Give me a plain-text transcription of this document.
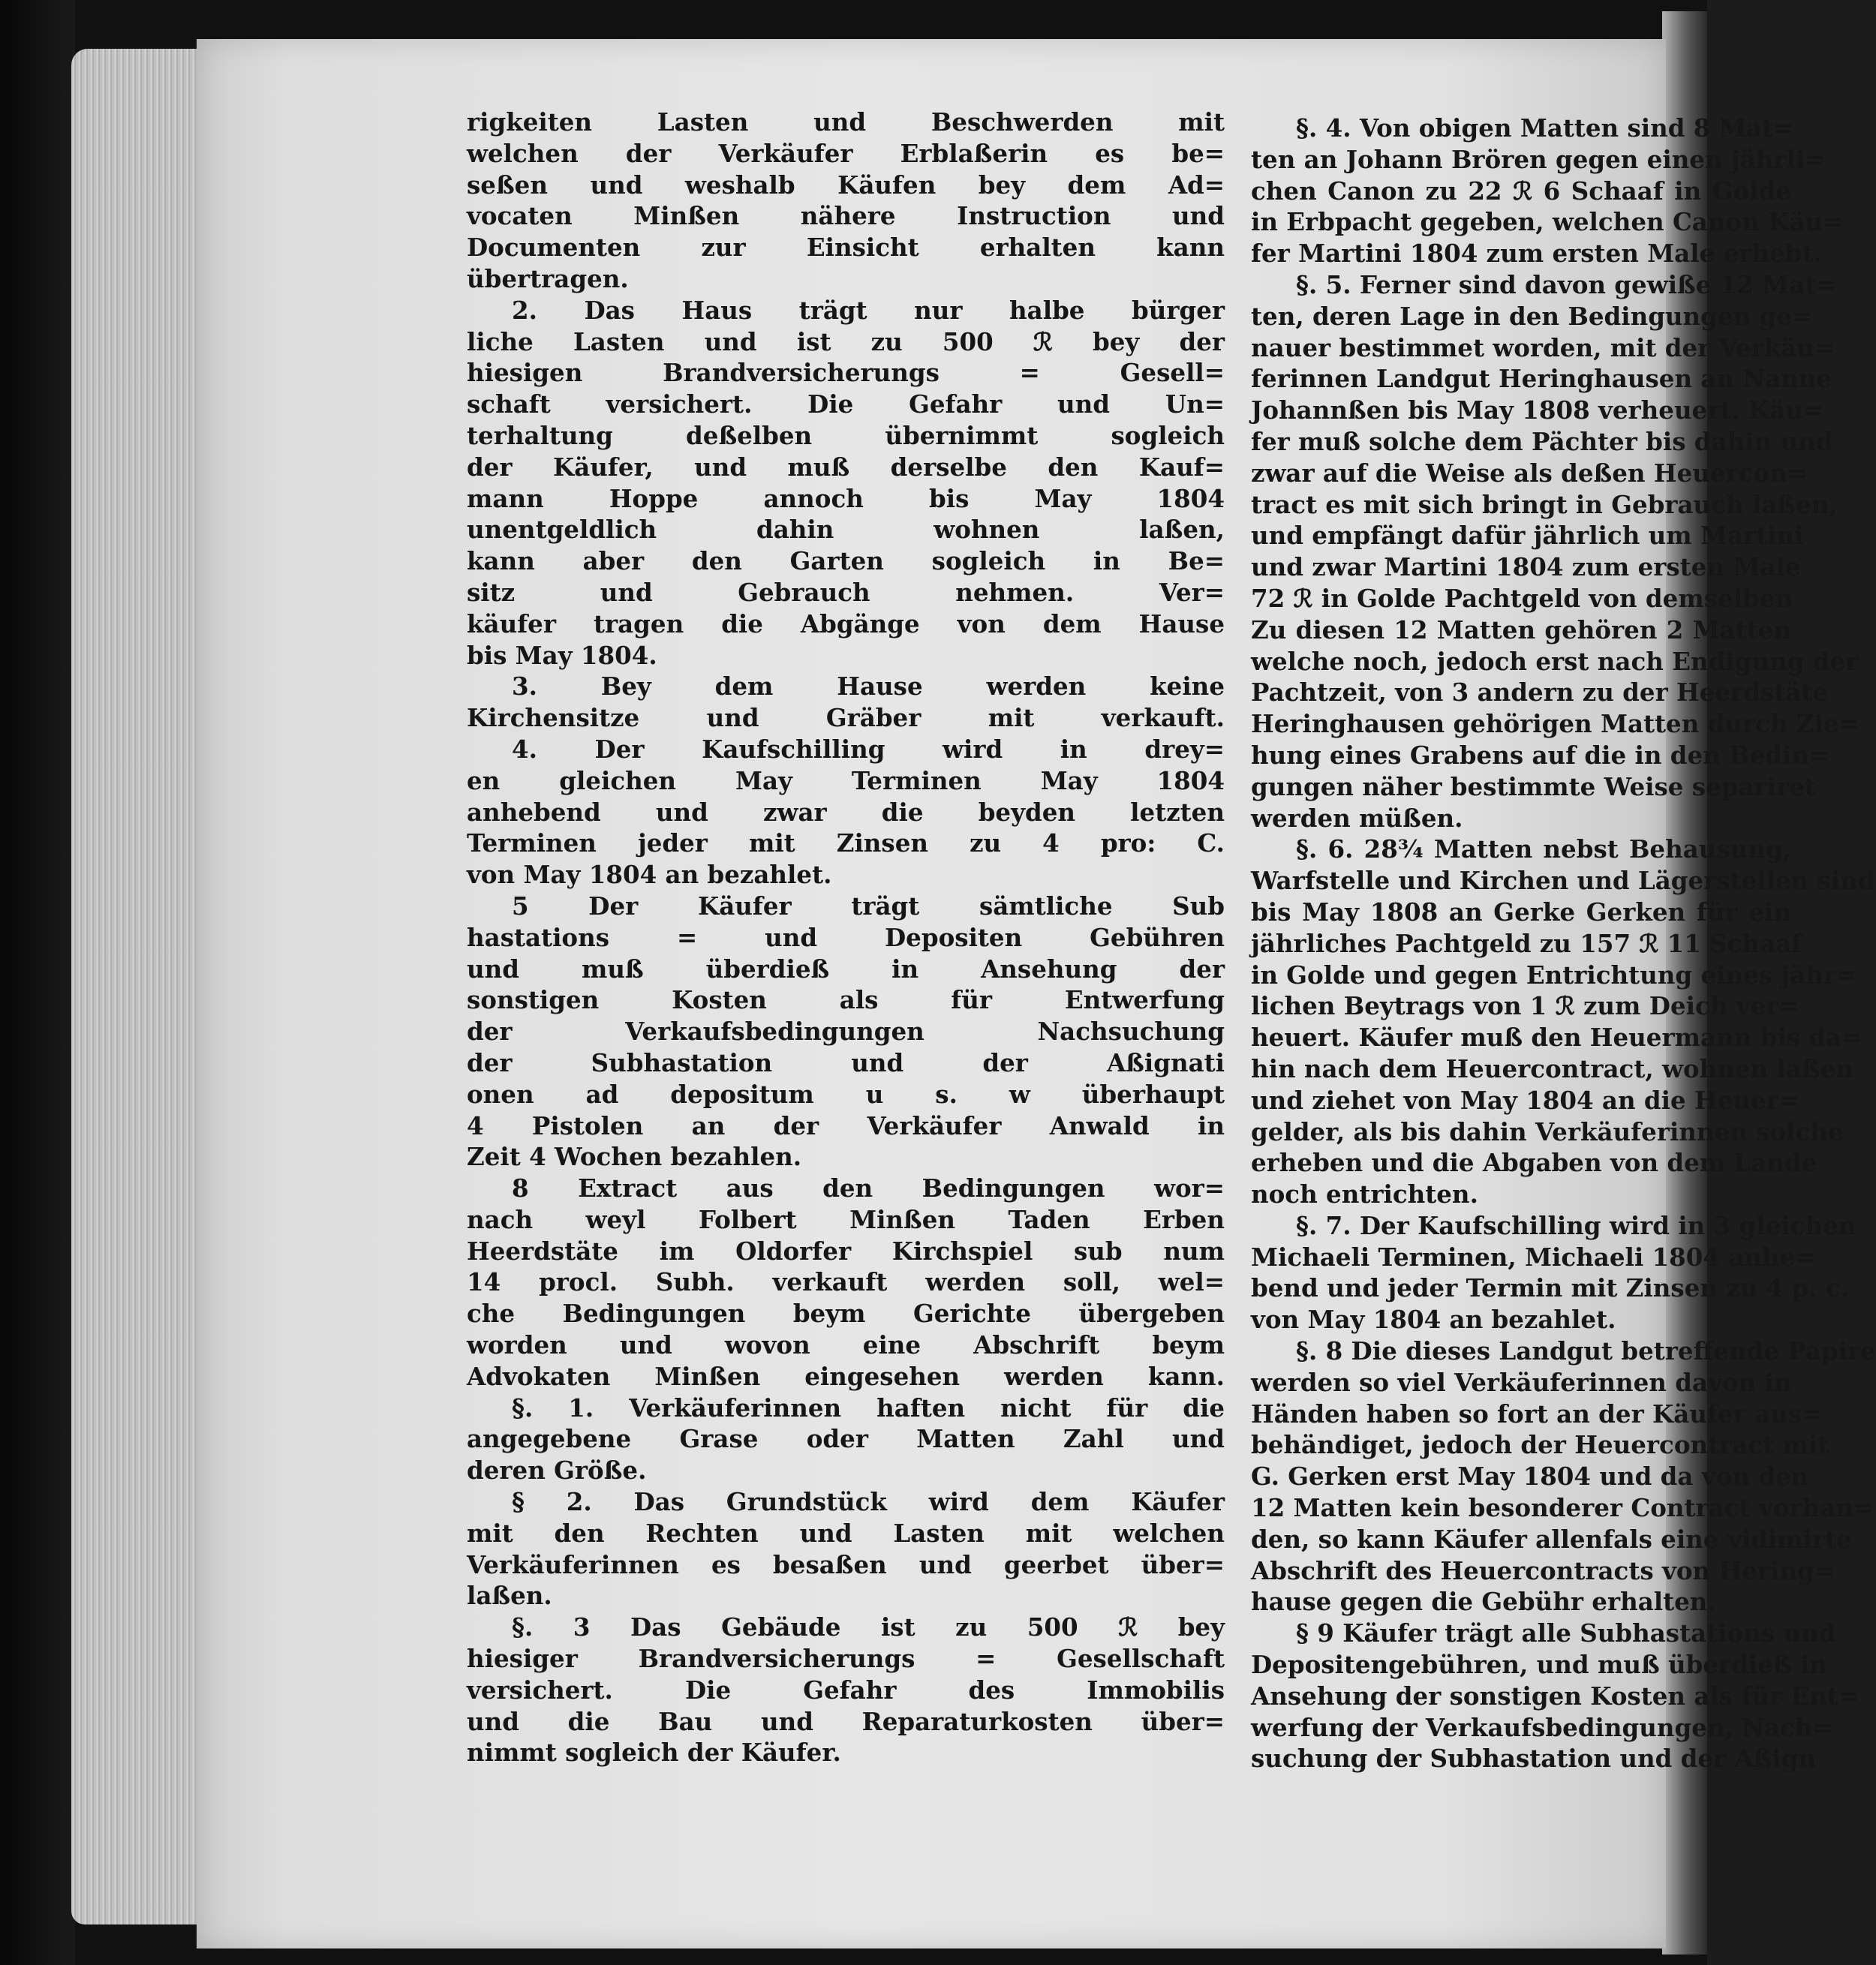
rigkeiten Lasten und Beschwerden mit
welchen der Verkäufer Erblaßerin es be=
seßen und weshalb Käufen bey dem Ad=
vocaten Minßen nähere Instruction und
Documenten zur Einsicht erhalten kann
übertragen.
2. Das Haus trägt nur halbe bürger
liche Lasten und ist zu 500 ℛ bey der
hiesigen Brandversicherungs = Gesell=
schaft versichert. Die Gefahr und Un=
terhaltung deßelben übernimmt sogleich
der Käufer, und muß derselbe den Kauf=
mann Hoppe annoch bis May 1804
unentgeldlich dahin wohnen laßen,
kann aber den Garten sogleich in Be=
sitz und Gebrauch nehmen. Ver=
käufer tragen die Abgänge von dem Hause
bis May 1804.
3. Bey dem Hause werden keine
Kirchensitze und Gräber mit verkauft.
4. Der Kaufschilling wird in drey=
en gleichen May Terminen May 1804
anhebend und zwar die beyden letzten
Terminen jeder mit Zinsen zu 4 pro: C.
von May 1804 an bezahlet.
5 Der Käufer trägt sämtliche Sub
hastations = und Depositen Gebühren
und muß überdieß in Ansehung der
sonstigen Kosten als für Entwerfung
der Verkaufsbedingungen Nachsuchung
der Subhastation und der Aßignati
onen ad depositum u s. w überhaupt
4 Pistolen an der Verkäufer Anwald in
Zeit 4 Wochen bezahlen.
8 Extract aus den Bedingungen wor=
nach weyl Folbert Minßen Taden Erben
Heerdstäte im Oldorfer Kirchspiel sub num
14 procl. Subh. verkauft werden soll, wel=
che Bedingungen beym Gerichte übergeben
worden und wovon eine Abschrift beym
Advokaten Minßen eingesehen werden kann.
§. 1. Verkäuferinnen haften nicht für die
angegebene Grase oder Matten Zahl und
deren Größe.
§ 2. Das Grundstück wird dem Käufer
mit den Rechten und Lasten mit welchen
Verkäuferinnen es besaßen und geerbet über=
laßen.
§. 3 Das Gebäude ist zu 500 ℛ bey
hiesiger Brandversicherungs = Gesellschaft
versichert. Die Gefahr des Immobilis
und die Bau und Reparaturkosten über=
nimmt sogleich der Käufer.
§. 4. Von obigen Matten sind 8 Mat=
ten an Johann Brören gegen einen jährli=
chen Canon zu 22 ℛ 6 Schaaf in Golde
in Erbpacht gegeben, welchen Canon Käu=
fer Martini 1804 zum ersten Male erhebt.
§. 5. Ferner sind davon gewiße 12 Mat=
ten, deren Lage in den Bedingungen ge=
nauer bestimmet worden, mit der Verkäu=
ferinnen Landgut Heringhausen an Nanne
Johannßen bis May 1808 verheuert. Käu=
fer muß solche dem Pächter bis dahin und
zwar auf die Weise als deßen Heuercon=
tract es mit sich bringt in Gebrauch laßen,
und empfängt dafür jährlich um Martini
und zwar Martini 1804 zum ersten Male
72 ℛ in Golde Pachtgeld von demselben
Zu diesen 12 Matten gehören 2 Matten
welche noch, jedoch erst nach Endigung der
Pachtzeit, von 3 andern zu der Heerdstäte
Heringhausen gehörigen Matten durch Zie=
hung eines Grabens auf die in den Bedin=
gungen näher bestimmte Weise separiret
werden müßen.
§. 6. 28¾ Matten nebst Behausung,
Warfstelle und Kirchen und Lägerstellen sind
bis May 1808 an Gerke Gerken für ein
jährliches Pachtgeld zu 157 ℛ 11 Schaaf
in Golde und gegen Entrichtung eines jähr=
lichen Beytrags von 1 ℛ zum Deich ver=
heuert. Käufer muß den Heuermann bis da=
hin nach dem Heuercontract, wohnen laßen
und ziehet von May 1804 an die Heuer=
gelder, als bis dahin Verkäuferinnen solche
erheben und die Abgaben von dem Lande
noch entrichten.
§. 7. Der Kaufschilling wird in 3 gleichen
Michaeli Terminen, Michaeli 1804 anhe=
bend und jeder Termin mit Zinsen zu 4 p. c.
von May 1804 an bezahlet.
§. 8 Die dieses Landgut betreffende Papire
werden so viel Verkäuferinnen davon in
Händen haben so fort an der Käufer aus=
behändiget, jedoch der Heuercontract mit
G. Gerken erst May 1804 und da von den
12 Matten kein besonderer Contract vorhan=
den, so kann Käufer allenfals eine vidimirte
Abschrift des Heuercontracts von Hering=
hause gegen die Gebühr erhalten.
§ 9 Käufer trägt alle Subhastations und
Depositengebühren, und muß überdieß in
Ansehung der sonstigen Kosten als für Ent=
werfung der Verkaufsbedingungen, Nach=
suchung der Subhastation und der Aßign
